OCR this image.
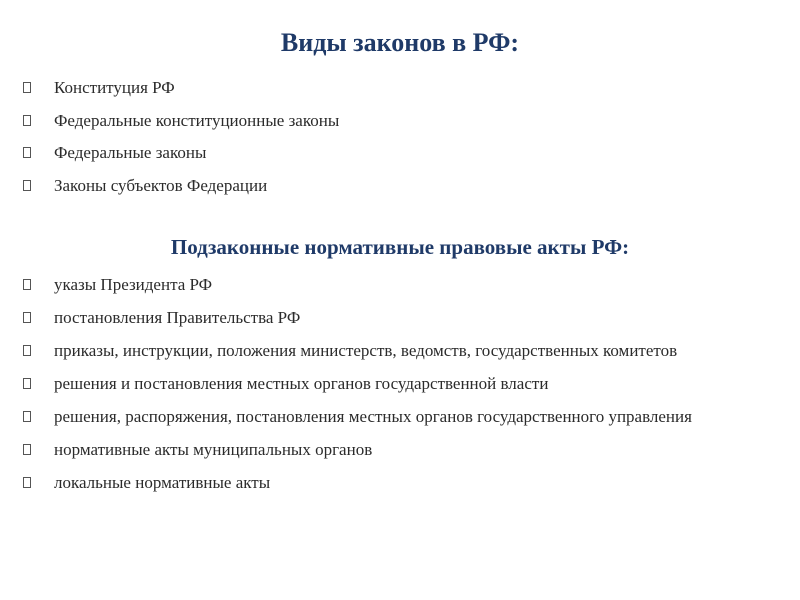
Виды законов в РФ:
Конституция РФ
Федеральные конституционные законы
Федеральные законы
Законы субъектов Федерации
Подзаконные нормативные правовые акты РФ:
указы Президента РФ
постановления Правительства РФ
приказы, инструкции, положения министерств, ведомств, государственных комитетов
решения и постановления местных органов государственной власти
решения, распоряжения, постановления местных органов государственного управления
нормативные акты муниципальных органов
локальные нормативные акты
